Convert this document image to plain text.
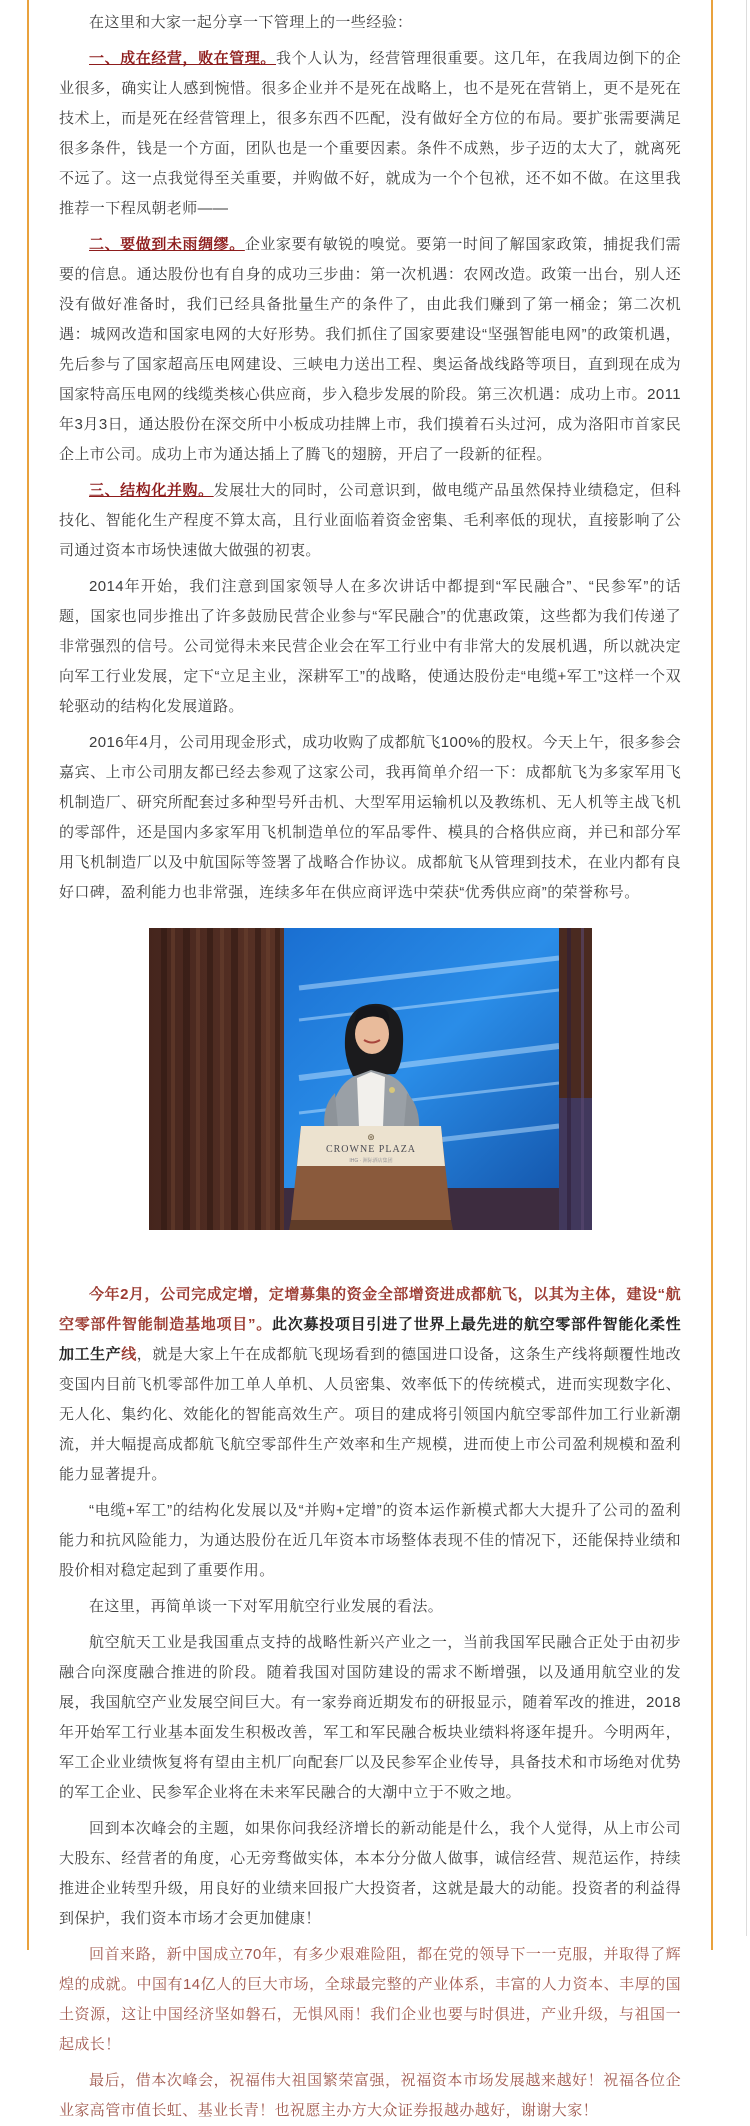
在这里和大家一起分享一下管理上的一些经验：

一、成在经营，败在管理。我个人认为，经营管理很重要。这几年，在我周边倒下的企业很多，确实让人感到惋惜。很多企业并不是死在战略上，也不是死在营销上，更不是死在技术上，而是死在经营管理上，很多东西不匹配，没有做好全方位的布局。要扩张需要满足很多条件，钱是一个方面，团队也是一个重要因素。条件不成熟，步子迈的太大了，就离死不远了。这一点我觉得至关重要，并购做不好，就成为一个个包袱，还不如不做。在这里我推荐一下程凤朝老师——

二、要做到未雨绸缪。企业家要有敏锐的嗅觉。要第一时间了解国家政策，捕捉我们需要的信息。通达股份也有自身的成功三步曲：第一次机遇：农网改造。政策一出台，别人还没有做好准备时，我们已经具备批量生产的条件了，由此我们赚到了第一桶金；第二次机遇：城网改造和国家电网的大好形势。我们抓住了国家要建设“坚强智能电网”的政策机遇，先后参与了国家超高压电网建设、三峡电力送出工程、奥运备战线路等项目，直到现在成为国家特高压电网的线缆类核心供应商，步入稳步发展的阶段。第三次机遇：成功上市。2011年3月3日，通达股份在深交所中小板成功挂牌上市，我们摸着石头过河，成为洛阳市首家民企上市公司。成功上市为通达插上了腾飞的翅膀，开启了一段新的征程。

三、结构化并购。发展壮大的同时，公司意识到，做电缆产品虽然保持业绩稳定，但科技化、智能化生产程度不算太高，且行业面临着资金密集、毛利率低的现状，直接影响了公司通过资本市场快速做大做强的初衷。

2014年开始，我们注意到国家领导人在多次讲话中都提到“军民融合”、“民参军”的话题，国家也同步推出了许多鼓励民营企业参与“军民融合”的优惠政策，这些都为我们传递了非常强烈的信号。公司觉得未来民营企业会在军工行业中有非常大的发展机遇，所以就决定向军工行业发展，定下“立足主业，深耕军工”的战略，使通达股份走“电缆+军工”这样一个双轮驱动的结构化发展道路。

2016年4月，公司用现金形式，成功收购了成都航飞100%的股权。今天上午，很多参会嘉宾、上市公司朋友都已经去参观了这家公司，我再简单介绍一下：成都航飞为多家军用飞机制造厂、研究所配套过多种型号歼击机、大型军用运输机以及教练机、无人机等主战飞机的零部件，还是国内多家军用飞机制造单位的军品零件、模具的合格供应商，并已和部分军用飞机制造厂以及中航国际等签署了战略合作协议。成都航飞从管理到技术，在业内都有良好口碑，盈利能力也非常强，连续多年在供应商评选中荣获“优秀供应商”的荣誉称号。

⊛
CROWNE PLAZA
IHG · 洲际酒店集团

今年2月，公司完成定增，定增募集的资金全部增资进成都航飞，以其为主体，建设“航空零部件智能制造基地项目”。此次募投项目引进了世界上最先进的航空零部件智能化柔性加工生产线，就是大家上午在成都航飞现场看到的德国进口设备，这条生产线将颠覆性地改变国内目前飞机零部件加工单人单机、人员密集、效率低下的传统模式，进而实现数字化、无人化、集约化、效能化的智能高效生产。项目的建成将引领国内航空零部件加工行业新潮流，并大幅提高成都航飞航空零部件生产效率和生产规模，进而使上市公司盈利规模和盈利能力显著提升。

“电缆+军工”的结构化发展以及“并购+定增”的资本运作新模式都大大提升了公司的盈利能力和抗风险能力，为通达股份在近几年资本市场整体表现不佳的情况下，还能保持业绩和股价相对稳定起到了重要作用。

在这里，再简单谈一下对军用航空行业发展的看法。

航空航天工业是我国重点支持的战略性新兴产业之一，当前我国军民融合正处于由初步融合向深度融合推进的阶段。随着我国对国防建设的需求不断增强，以及通用航空业的发展，我国航空产业发展空间巨大。有一家券商近期发布的研报显示，随着军改的推进，2018年开始军工行业基本面发生积极改善，军工和军民融合板块业绩料将逐年提升。今明两年，军工企业业绩恢复将有望由主机厂向配套厂以及民参军企业传导，具备技术和市场绝对优势的军工企业、民参军企业将在未来军民融合的大潮中立于不败之地。

回到本次峰会的主题，如果你问我经济增长的新动能是什么，我个人觉得，从上市公司大股东、经营者的角度，心无旁骛做实体，本本分分做人做事，诚信经营、规范运作，持续推进企业转型升级，用良好的业绩来回报广大投资者，这就是最大的动能。投资者的利益得到保护，我们资本市场才会更加健康！

回首来路，新中国成立70年，有多少艰难险阻，都在党的领导下一一克服，并取得了辉煌的成就。中国有14亿人的巨大市场，全球最完整的产业体系，丰富的人力资本、丰厚的国土资源，这让中国经济坚如磐石，无惧风雨！我们企业也要与时俱进，产业升级，与祖国一起成长！

最后，借本次峰会，祝福伟大祖国繁荣富强，祝福资本市场发展越来越好！祝福各位企业家高管市值长虹、基业长青！也祝愿主办方大众证券报越办越好，谢谢大家！
